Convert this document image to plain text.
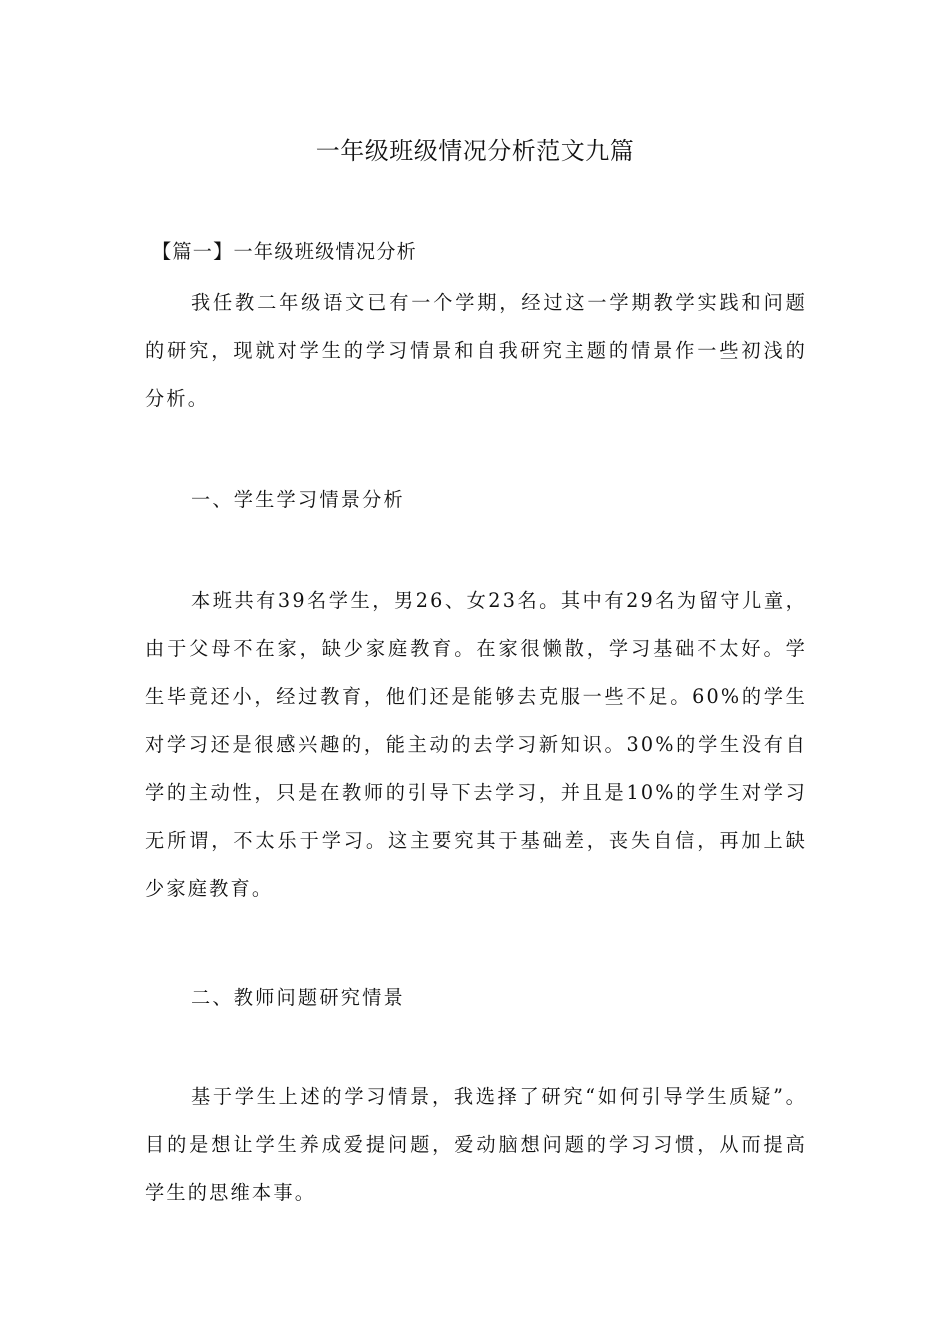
一年级班级情况分析范文九篇
【篇一】一年级班级情况分析

我任教二年级语文已有一个学期，经过这一学期教学实践和问题的研究，现就对学生的学习情景和自我研究主题的情景作一些初浅的分析。

一、学生学习情景分析

本班共有39名学生，男26、女23名。其中有29名为留守儿童，由于父母不在家，缺少家庭教育。在家很懒散，学习基础不太好。学生毕竟还小，经过教育，他们还是能够去克服一些不足。60%的学生对学习还是很感兴趣的，能主动的去学习新知识。30%的学生没有自学的主动性，只是在教师的引导下去学习，并且是10%的学生对学习无所谓，不太乐于学习。这主要究其于基础差，丧失自信，再加上缺少家庭教育。

二、教师问题研究情景

基于学生上述的学习情景，我选择了研究“如何引导学生质疑”。目的是想让学生养成爱提问题，爱动脑想问题的学习习惯，从而提高学生的思维本事。
